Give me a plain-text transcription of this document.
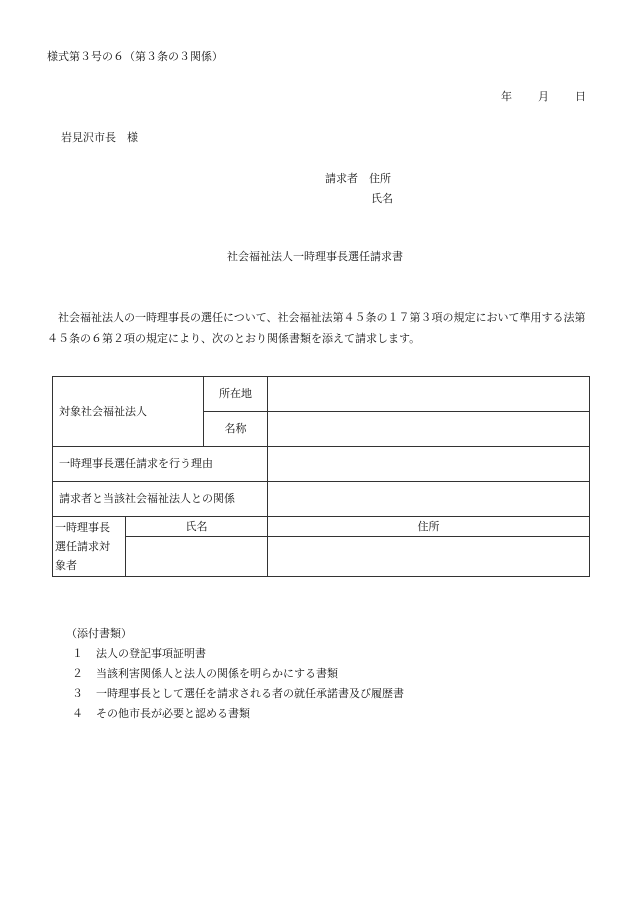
様式第３号の６（第３条の３関係）
年 月 日
岩見沢市長　様
請求者　 住所
氏名
社会福祉法人一時理事長選任請求書
社会福祉法人の一時理事長の選任について、社会福祉法第４５条の１７第３項の規定において準用する法第４５条の６第２項の規定により、次のとおり関係書類を添えて請求します。
対象社会福祉法人		所在地	
		名称	
一時理事長選任請求を行う理由			
請求者と当該社会福祉法人との関係			

一時理事長
選任請求対
象者	氏名		住所

（添付書類）
１ 法人の登記事項証明書
２ 当該利害関係人と法人の関係を明らかにする書類
３ 一時理事長として選任を請求される者の就任承諾書及び履歴書
４ その他市長が必要と認める書類
